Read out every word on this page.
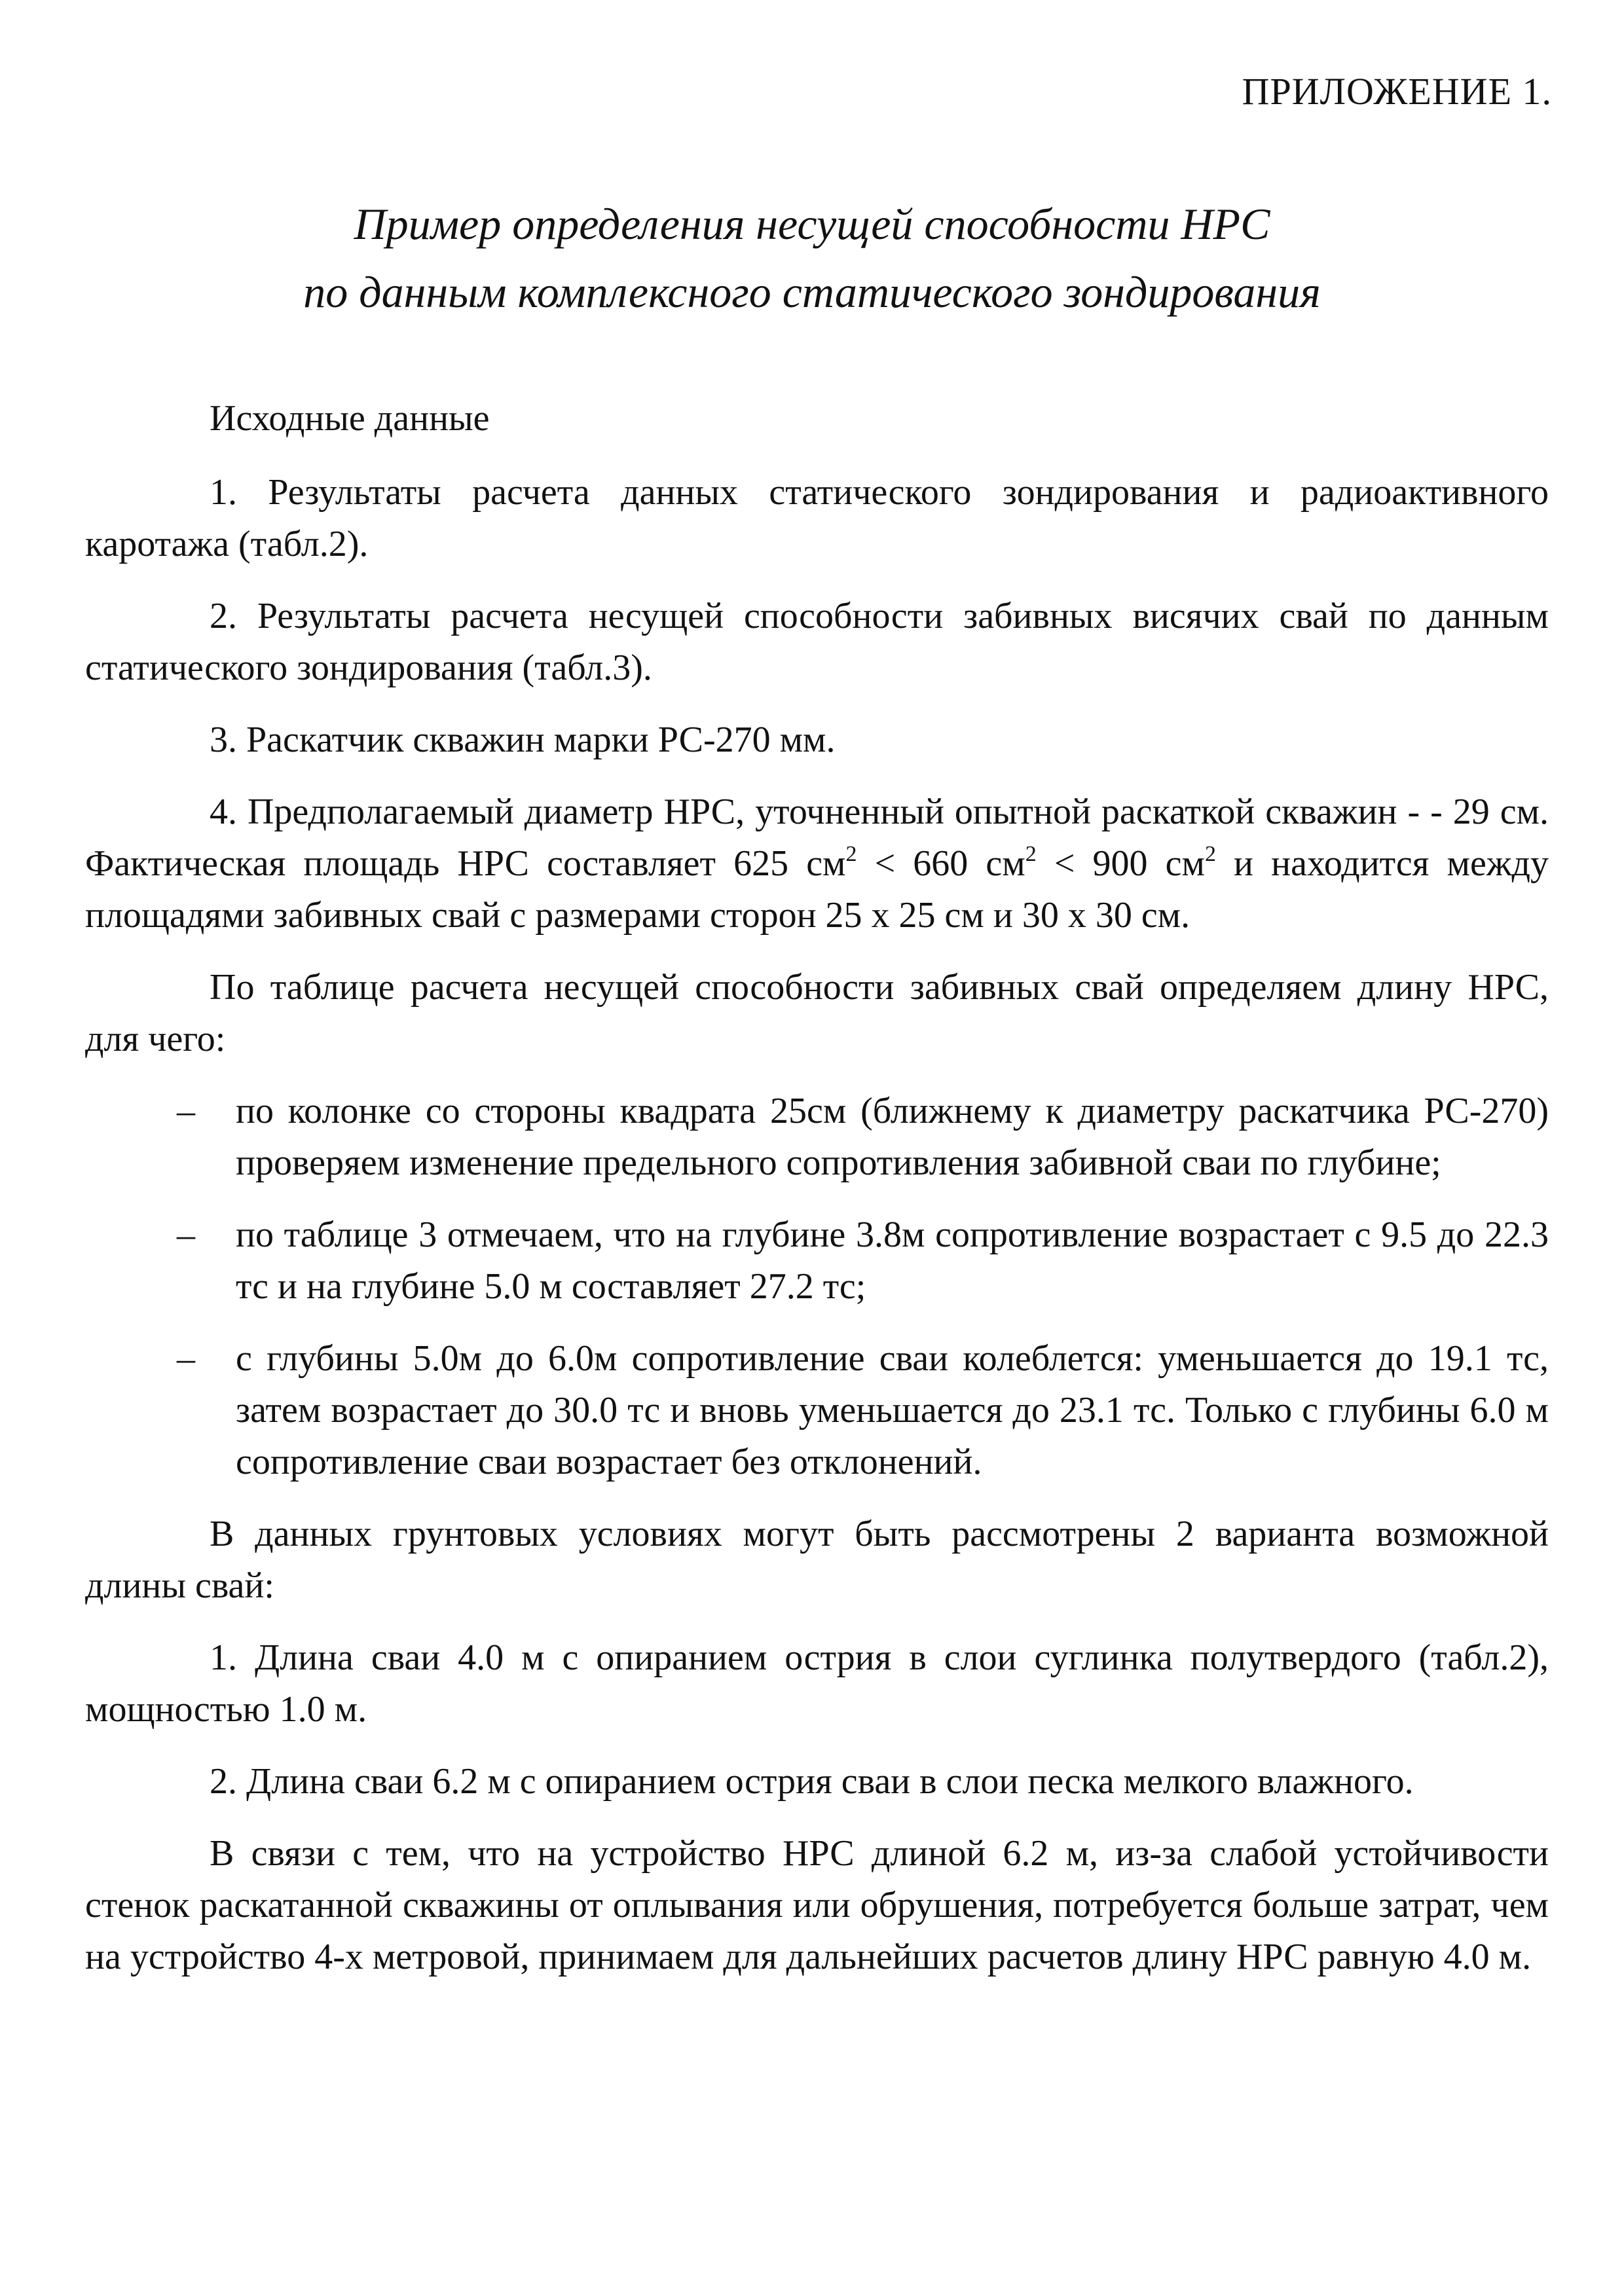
ПРИЛОЖЕНИЕ 1.
Пример определения несущей способности НРС
по данным комплексного статического зондирования

Исходные данные

1. Результаты расчета данных статического зондирования и радиоактивного каротажа (табл.2).

2. Результаты расчета несущей способности забивных висячих свай по данным статического зондирования (табл.3).

3. Раскатчик скважин марки РС-270 мм.

4. Предполагаемый диаметр НРС, уточненный опытной раскаткой скважин - - 29 см. Фактическая площадь НРС составляет 625 $см^2 < 660$ $см^2 < 900$ $см^2$ и находится между площадями забивных свай с размерами сторон 25 х 25 см и 30 х 30 см.

По таблице расчета несущей способности забивных свай определяем длину НРС, для чего:

– по колонке со стороны квадрата 25см (ближнему к диаметру раскатчика РС-270) проверяем изменение предельного сопротивления забивной сваи по глубине;
– по таблице 3 отмечаем, что на глубине 3.8м сопротивление возрастает с 9.5 до 22.3 тс и на глубине 5.0 м составляет 27.2 тс;
– с глубины 5.0м до 6.0м сопротивление сваи колеблется: уменьшается до 19.1 тс, затем возрастает до 30.0 тс и вновь уменьшается до 23.1 тс. Только с глубины 6.0 м сопротивление сваи возрастает без отклонений.

В данных грунтовых условиях могут быть рассмотрены 2 варианта возможной длины свай:

1. Длина сваи 4.0 м с опиранием острия в слои суглинка полутвердого (табл.2), мощностью 1.0 м.

2. Длина сваи 6.2 м с опиранием острия сваи в слои песка мелкого влажного.

В связи с тем, что на устройство НРС длиной 6.2 м, из-за слабой устойчивости стенок раскатанной скважины от оплывания или обрушения, потребуется больше затрат, чем на устройство 4-х метровой, принимаем для дальнейших расчетов длину НРС равную 4.0 м.
